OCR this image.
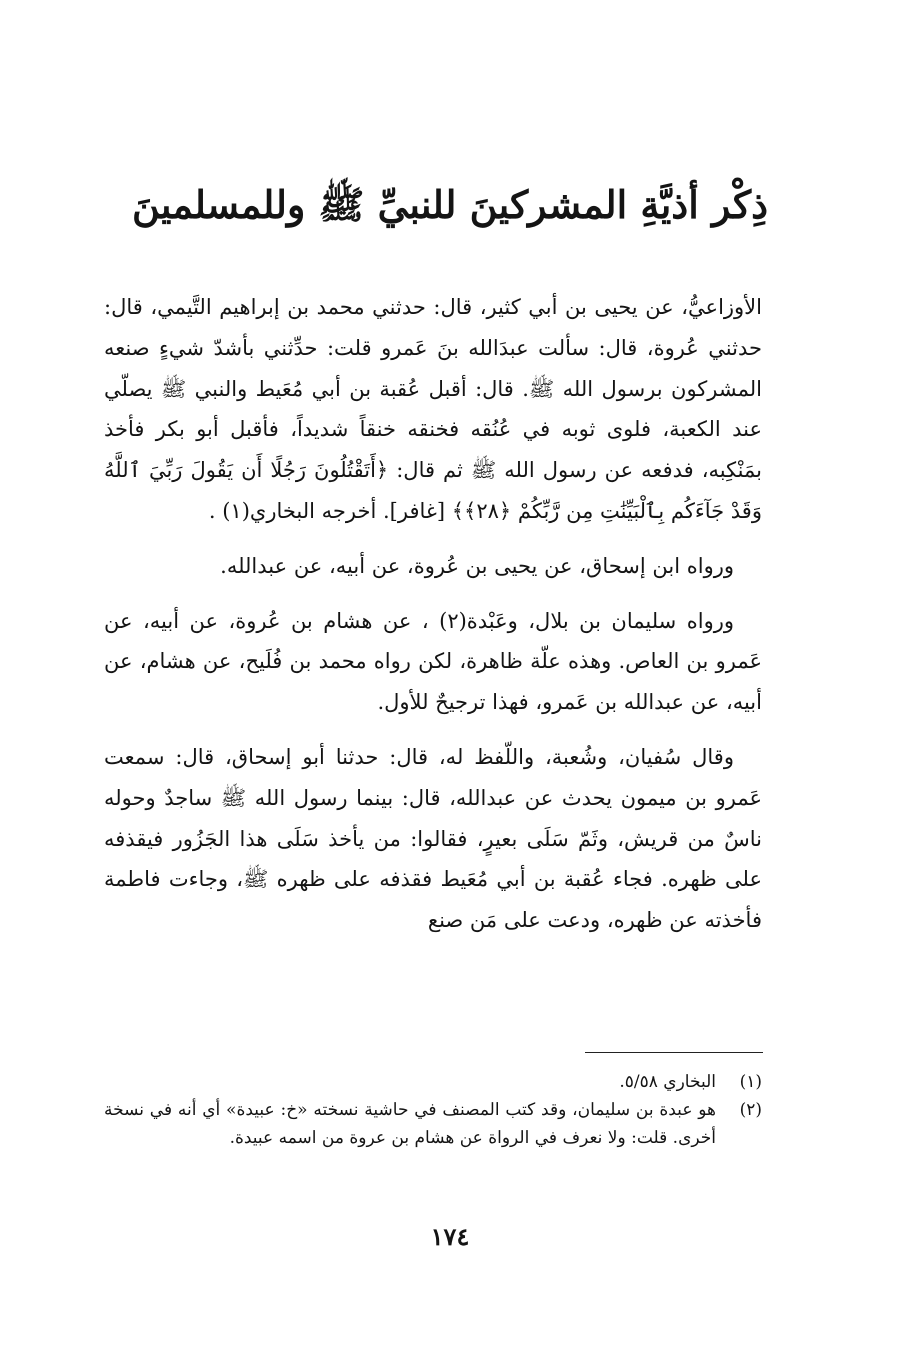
ذِكْر أذيَّةِ المشركينَ للنبيِّ ﷺ وللمسلمينَ

الأوزاعيُّ، عن يحيى بن أبي كثير، قال: حدثني محمد بن إبراهيم التَّيمي، قال: حدثني عُروة، قال: سألت عبدَالله بنَ عَمرو قلت: حدِّثني بأشدّ شيءٍ صنعه المشركون برسول الله ﷺ. قال: أقبل عُقبة بن أبي مُعَيط والنبي ﷺ يصلّي عند الكعبة، فلوى ثوبه في عُنُقه فخنقه خنقاً شديداً، فأقبل أبو بكر فأخذ بمَنْكِبه، فدفعه عن رسول الله ﷺ ثم قال: ﴿أَتَقْتُلُونَ رَجُلًا أَن يَقُولَ رَبِّيَ ٱللَّهُ وَقَدْ جَآءَكُم بِٱلْبَيِّنَٰتِ مِن رَّبِّكُمْ ﴿٢٨﴾﴾ [غافر]. أخرجه البخاري(١) .

ورواه ابن إسحاق، عن يحيى بن عُروة، عن أبيه، عن عبدالله.

ورواه سليمان بن بلال، وعَبْدة(٢) ، عن هشام بن عُروة، عن أبيه، عن عَمرو بن العاص. وهذه علّة ظاهرة، لكن رواه محمد بن فُلَيح، عن هشام، عن أبيه، عن عبدالله بن عَمرو، فهذا ترجيحٌ للأول.

وقال سُفيان، وشُعبة، واللّفظ له، قال: حدثنا أبو إسحاق، قال: سمعت عَمرو بن ميمون يحدث عن عبدالله، قال: بينما رسول الله ﷺ ساجدٌ وحوله ناسٌ من قريش، وثَمّ سَلَى بعيرٍ، فقالوا: من يأخذ سَلَى هذا الجَزُور فيقذفه على ظهره. فجاء عُقبة بن أبي مُعَيط فقذفه على ظهره ﷺ، وجاءت فاطمة فأخذته عن ظهره، ودعت على مَن صنع

(١)
البخاري ٥/٥٨.
(٢)
هو عبدة بن سليمان، وقد كتب المصنف في حاشية نسخته «خ: عبيدة» أي أنه في نسخة أخرى. قلت: ولا نعرف في الرواة عن هشام بن عروة من اسمه عبيدة.
١٧٤
